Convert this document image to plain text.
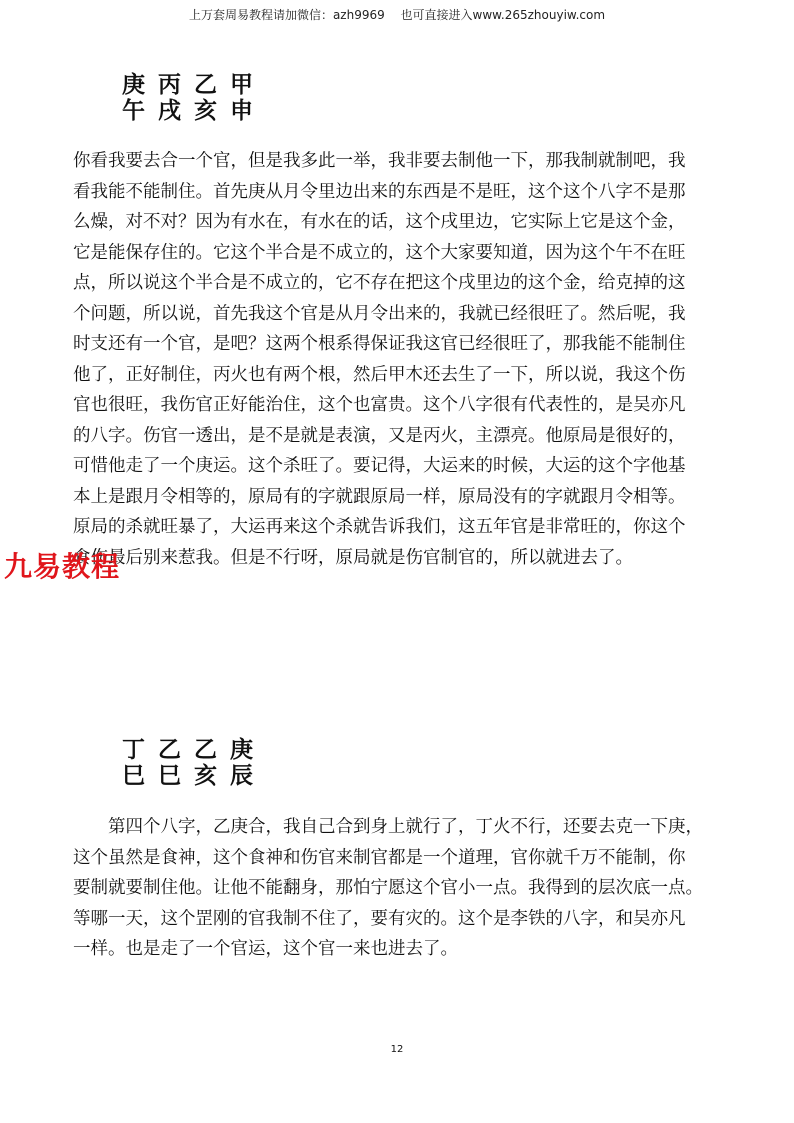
上万套周易教程请加微信：azh9969　 也可直接进入www.265zhouyiw.com
庚丙乙甲
午戌亥申
你看我要去合一个官，但是我多此一举，我非要去制他一下，那我制就制吧，我
看我能不能制住。首先庚从月令里边出来的东西是不是旺，这个这个八字不是那
么燥，对不对？因为有水在，有水在的话，这个戌里边，它实际上它是这个金，
它是能保存住的。它这个半合是不成立的，这个大家要知道，因为这个午不在旺
点，所以说这个半合是不成立的，它不存在把这个戌里边的这个金，给克掉的这
个问题，所以说，首先我这个官是从月令出来的，我就已经很旺了。然后呢，我
时支还有一个官，是吧？这两个根系得保证我这官已经很旺了，那我能不能制住
他了，正好制住，丙火也有两个根，然后甲木还去生了一下，所以说，我这个伤
官也很旺，我伤官正好能治住，这个也富贵。这个八字很有代表性的，是吴亦凡
的八字。伤官一透出，是不是就是表演，又是丙火，主漂亮。他原局是很好的，
可惜他走了一个庚运。这个杀旺了。要记得，大运来的时候，大运的这个字他基
本上是跟月令相等的，原局有的字就跟原局一样，原局没有的字就跟月令相等。
原局的杀就旺暴了，大运再来这个杀就告诉我们，这五年官是非常旺的，你这个
食伤最后别来惹我。但是不行呀，原局就是伤官制官的，所以就进去了。
九易教程
丁乙乙庚
巳巳亥辰
　　第四个八字，乙庚合，我自己合到身上就行了，丁火不行，还要去克一下庚，
这个虽然是食神，这个食神和伤官来制官都是一个道理，官你就千万不能制，你
要制就要制住他。让他不能翻身，那怕宁愿这个官小一点。我得到的层次底一点。
等哪一天，这个罡刚的官我制不住了，要有灾的。这个是李铁的八字，和吴亦凡
一样。也是走了一个官运，这个官一来也进去了。
12
